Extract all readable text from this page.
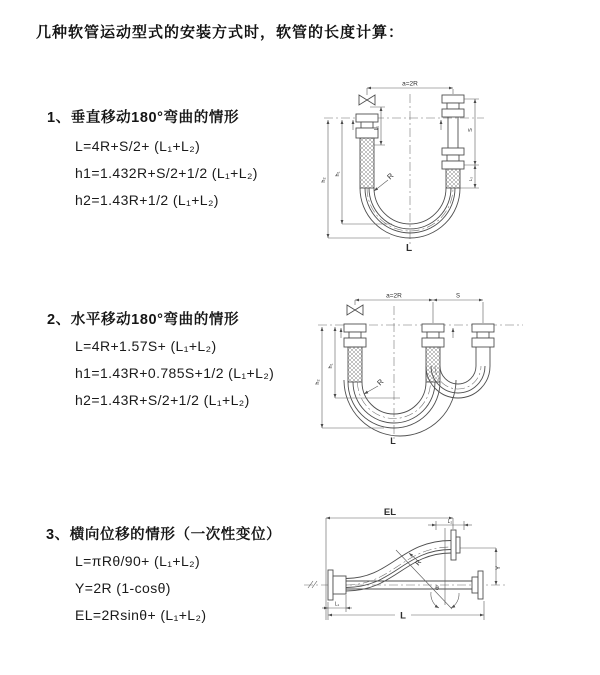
几种软管运动型式的安装方式时，软管的长度计算：
1、垂直移动180°弯曲的情形
L=4R+S/2+ (L₁+L₂)
h1=1.432R+S/2+1/2 (L₁+L₂)
h2=1.43R+1/2 (L₁+L₂)
2、水平移动180°弯曲的情形
L=4R+1.57S+ (L₁+L₂)
h1=1.43R+0.785S+1/2 (L₁+L₂)
h2=1.43R+S/2+1/2 (L₁+L₂)
3、横向位移的情形（一次性变位）
L=πRθ/90+ (L₁+L₂)
Y=2R (1-cosθ)
EL=2Rsinθ+ (L₁+L₂)
a=2R
h₂
h₁
L₁	S
L₂
R
L
a=2R	S
h₂
h₁
R
L
EL
L₂
Y
θ
R
L
L₁
